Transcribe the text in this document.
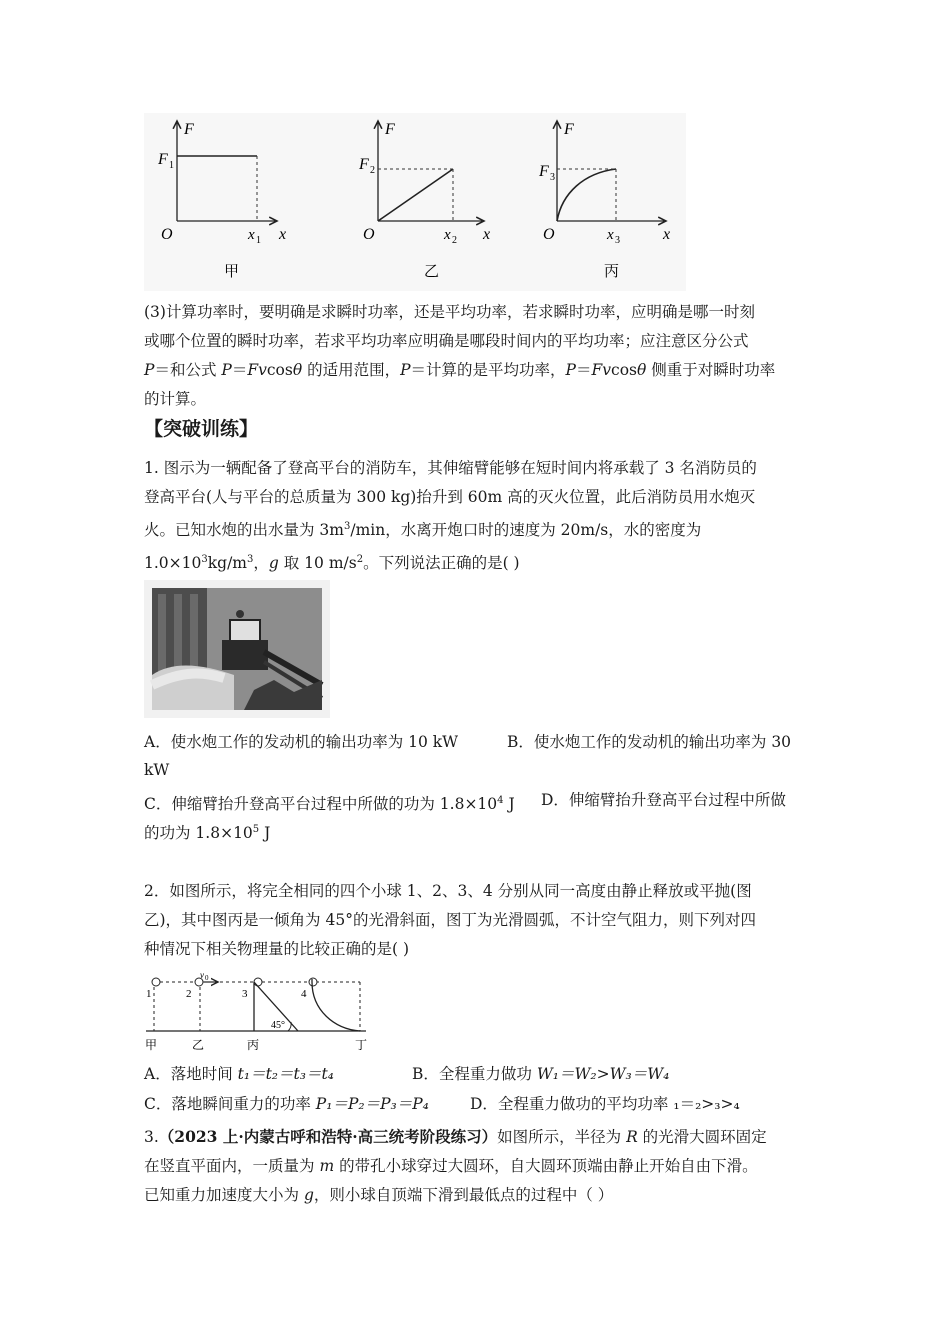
F
F 1
O	x 1 x
甲
F
F 2
O	x 2 x
乙
F
F 3
O	x 3	x
丙
(3)计算功率时，要明确是求瞬时功率，还是平均功率，若求瞬时功率，应明确是哪一时刻
或哪个位置的瞬时功率，若求平均功率应明确是哪段时间内的平均功率；应注意区分公式
P＝和公式 P＝Fvcosθ 的适用范围，P＝计算的是平均功率，P＝Fvcosθ 侧重于对瞬时功率
的计算。
【突破训练】
1. 图示为一辆配备了登高平台的消防车，其伸缩臂能够在短时间内将承载了 3 名消防员的
登高平台(人与平台的总质量为 300 kg)抬升到 60m 高的灭火位置，此后消防员用水炮灭
火。已知水炮的出水量为 $3m^3/\min$，水离开炮口时的速度为 20m/s，水的密度为
$1.0\times 10^3kg/m^3$，g 取 10 $m/s^2$。下列说法正确的是( )
A．使水炮工作的发动机的输出功率为 10 kW	B．使水炮工作的发动机的输出功率为 30
kW
C．伸缩臂抬升登高平台过程中所做的功为 $1.8\times 10^4$ J D．伸缩臂抬升登高平台过程中所做
的功为 $1.8\times 10^5$ J
2．如图所示，将完全相同的四个小球 1、2、3、4 分别从同一高度由静止释放或平抛(图
乙)，其中图丙是一倾角为 45°的光滑斜面，图丁为光滑圆弧，不计空气阻力，则下列对四
种情况下相关物理量的比较正确的是( )
v 0
45°
1	2	3	4
甲	乙	丙	丁
A．落地时间 t₁＝t₂＝t₃＝t₄	B．全程重力做功 W₁＝W₂>W₃＝W₄
C．落地瞬间重力的功率 P₁＝P₂＝P₃＝P₄	D．全程重力做功的平均功率 ₁＝₂>₃>₄
3.（2023 上·内蒙古呼和浩特·高三统考阶段练习）如图所示，半径为 R 的光滑大圆环固定
在竖直平面内，一质量为 m 的带孔小球穿过大圆环，自大圆环顶端由静止开始自由下滑。
已知重力加速度大小为 g，则小球自顶端下滑到最低点的过程中（ ）
